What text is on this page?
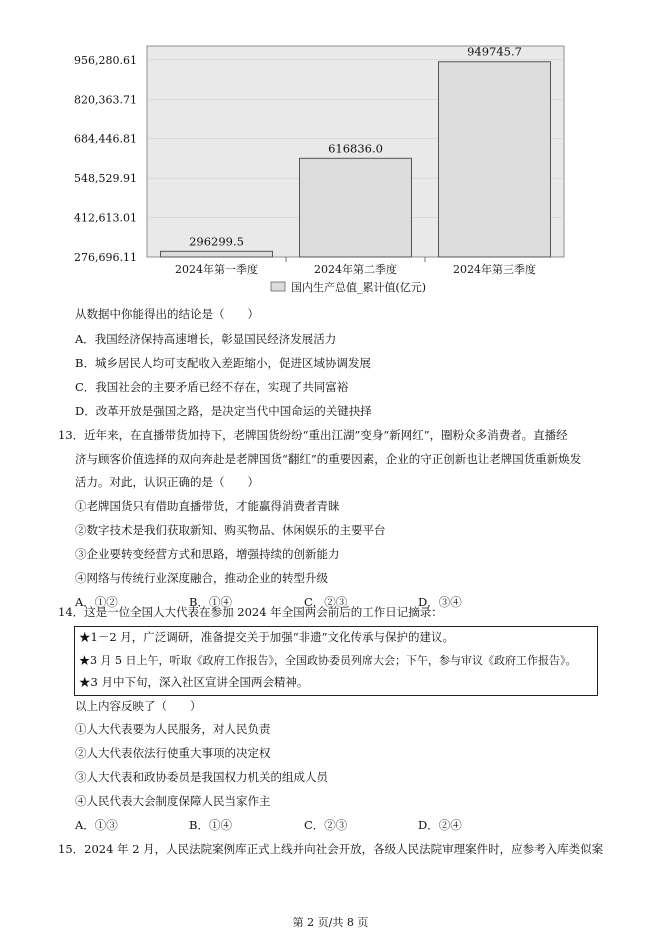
296299.5
616836.0
949745.7
276,696.11
412,613.01
548,529.91
684,446.81
820,363.71
956,280.61
2024年第一季度	2024年第二季度	2024年第三季度
国内生产总值_累计值(亿元)
从数据中你能得出的结论是（　　）
A．我国经济保持高速增长，彰显国民经济发展活力
B．城乡居民人均可支配收入差距缩小，促进区域协调发展
C．我国社会的主要矛盾已经不存在，实现了共同富裕
D．改革开放是强国之路，是决定当代中国命运的关键抉择
13．近年来，在直播带货加持下，老牌国货纷纷“重出江湖”变身“新网红”，圈粉众多消费者。直播经
济与顾客价值选择的双向奔赴是老牌国货“翻红”的重要因素，企业的守正创新也让老牌国货重新焕发
活力。对此，认识正确的是（　　）
①老牌国货只有借助直播带货，才能赢得消费者青睐
②数字技术是我们获取新知、购买物品、休闲娱乐的主要平台
③企业要转变经营方式和思路，增强持续的创新能力
④网络与传统行业深度融合，推动企业的转型升级
A．①②	B．①④	C．②③	D．③④
14．这是一位全国人大代表在参加 2024 年全国两会前后的工作日记摘录：
★1－2 月，广泛调研，准备提交关于加强“非遗”文化传承与保护的建议。
★3 月 5 日上午，听取《政府工作报告》，全国政协委员列席大会；下午，参与审议《政府工作报告》。
★3 月中下旬，深入社区宣讲全国两会精神。
以上内容反映了（　　）
①人大代表要为人民服务，对人民负责
②人大代表依法行使重大事项的决定权
③人大代表和政协委员是我国权力机关的组成人员
④人民代表大会制度保障人民当家作主
A．①③	B．①④	C．②③	D．②④
15．2024 年 2 月，人民法院案例库正式上线并向社会开放，各级人民法院审理案件时，应参考入库类似案
第 2 页/共 8 页
